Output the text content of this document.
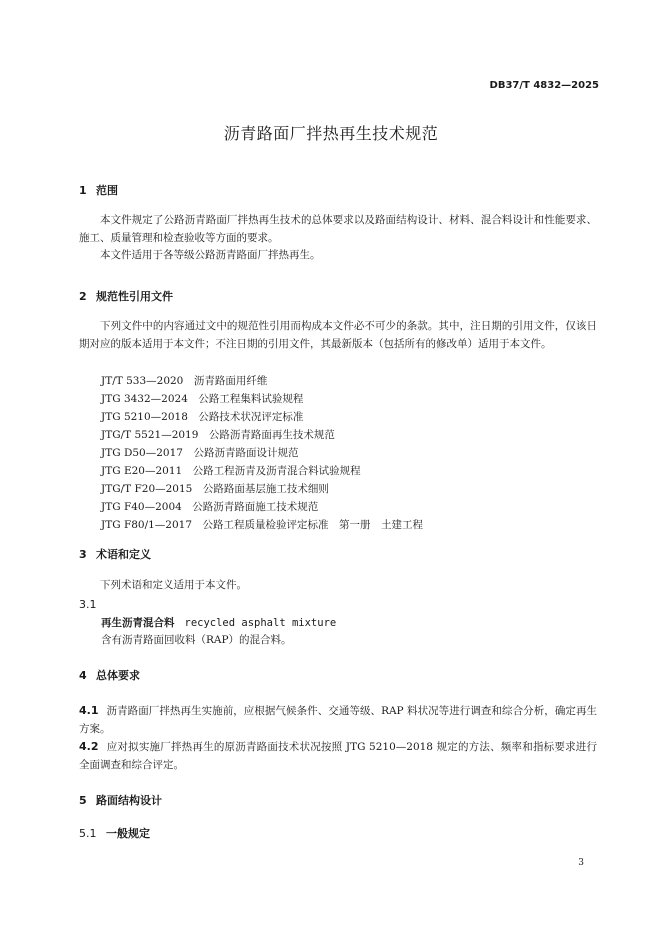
DB37/T 4832—2025
沥青路面厂拌热再生技术规范
1 范围

本文件规定了公路沥青路面厂拌热再生技术的总体要求以及路面结构设计、材料、混合料设计和性能要求、施工、质量管理和检查验收等方面的要求。

本文件适用于各等级公路沥青路面厂拌热再生。

2 规范性引用文件

下列文件中的内容通过文中的规范性引用而构成本文件必不可少的条款。其中，注日期的引用文件，仅该日期对应的版本适用于本文件；不注日期的引用文件，其最新版本（包括所有的修改单）适用于本文件。

JT/T 533—2020　沥青路面用纤维
JTG 3432—2024　公路工程集料试验规程
JTG 5210—2018　公路技术状况评定标准
JTG/T 5521—2019　公路沥青路面再生技术规范
JTG D50—2017　公路沥青路面设计规范
JTG E20—2011　公路工程沥青及沥青混合料试验规程
JTG/T F20—2015　公路路面基层施工技术细则
JTG F40—2004　公路沥青路面施工技术规范
JTG F80/1—2017　公路工程质量检验评定标准　第一册　土建工程
3 术语和定义

下列术语和定义适用于本文件。

3.1
再生沥青混合料 recycled asphalt mixture
含有沥青路面回收料（RAP）的混合料。
4 总体要求
4.1 沥青路面厂拌热再生实施前，应根据气候条件、交通等级、RAP 料状况等进行调查和综合分析，确定再生方案。
4.2 应对拟实施厂拌热再生的原沥青路面技术状况按照 JTG 5210—2018 规定的方法、频率和指标要求进行全面调查和综合评定。
5 路面结构设计
5.1 一般规定
3
